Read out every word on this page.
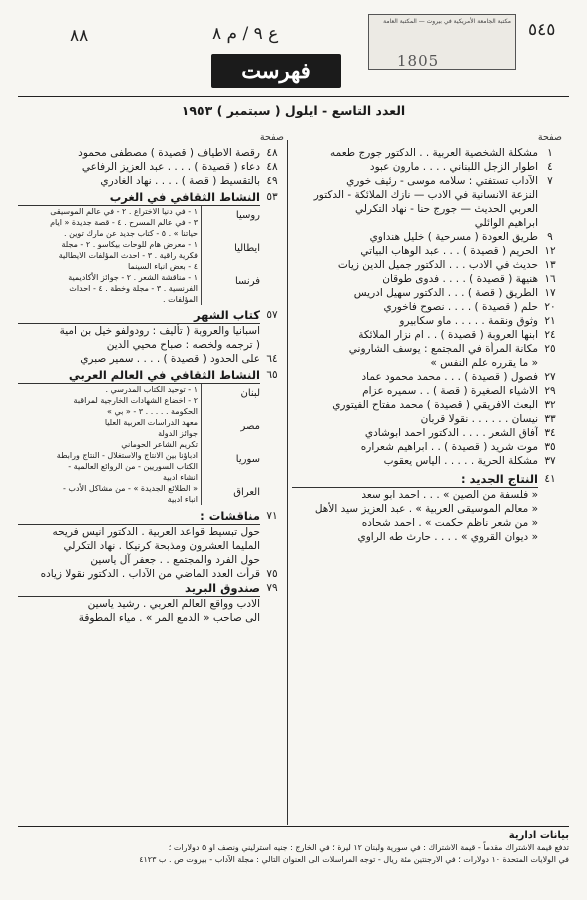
٨٨	ع ٩ / م ٨	٥٤٥
مكتبة الجامعة الأمريكية في بيروت — المكتبة العامة
1805
فهرست
العدد التاسع - ايلول ( سبتمبر ) ١٩٥٣
صفحة
١
مشكلة الشخصية العربية . . الدكتور جورج طعمه
٤
اطوار الزجل اللبناني . . . . مارون عبود
٧
الآداب تستفتي : سلامه موسى - رئيف خوري
النزعة الانسانية في الادب — نازك الملائكة - الدكتور
العربي الحديث — جورج حنا - نهاد التكرلي
ابراهيم الوائلي
٩
طريق العودة ( مسرحية ) خليل هنداوي
١٢
الحريم ( قصيدة ) . . . عبد الوهاب البياتي
١٣
حديث في الادب . . . الدكتور جميل الدين زيات
١٦
هنيهة ( قصيدة ) . . . . فدوى طوقان
١٧
الطريق ( قصة ) . . . الدكتور سهيل ادريس
٢٠
حلم ( قصيدة ) . . . . نصوح فاخوري
٢١
وثوق ونقمة . . . . . ماو سكابيرو
٢٤
ابنها العروبة ( قصيدة ) . . ام نزار الملائكة
٢٥
مكانة المرأة في المجتمع : يوسف الشاروني
« ما يقرره علم النفس »
٢٧
فصول ( قصيدة ) . . . محمد محمود عماد
٢٩
الاشياء الصغيرة ( قصة ) . . سميره عزام
٣٢
البعث الافريقي ( قصيدة ) محمد مفتاح الفيتوري
٣٣
نيسان . . . . . . نقولا قربان
٣٤
آفاق الشعر . . . . الدكتور احمد ابوشادي
٣٥
موت شريد ( قصيدة ) . . ابراهيم شعراره
٣٧
مشكلة الحرية . . . . . الياس يعقوب
٤١
النتاج الجديد :
« فلسفة من الصين » . . . احمد ابو سعد
« معالم الموسيقى العربية » . عبد العزيز سيد الأهل
« من شعر ناظم حكمت » . احمد شحاده
« ديوان القروي » . . . . حارث طه الراوي
صفحة
٤٨
رقصة الاطياف ( قصيدة ) مصطفى محمود
٤٨
دعاء ( قصيدة ) . . . . عبد العزيز الرفاعي
٤٩
بالتقسيط ( قصة ) . . . . نهاد الغادري
٥٣
النشاط الثقافي في الغرب
روسيا
١ - في دنيا الاختراع . ٢ - في عالم الموسيقى
٣ - في عالم المسرح . ٤ - قصة جديدة « ايام
حياتنا » . ٥ - كتاب جديد عن مارك توين .
ايطاليا
١ - معرض هام للوحات بيكاسو . ٢ - مجلة
فكرية راقية . ٣ - احدث المؤلفات الايطالية
٤ - بعض انباء السينما
فرنسا
١ - مناقشة الشعر . ٢ - جوائز الأكاديمية
الفرنسية . ٣ - مجلة وخطة . ٤ - احداث
المؤلفات .
٥٧
كتاب الشهر
اسبانيا والعروبة ( تأليف : رودولفو خيل بن امية
( ترجمه ولخصه : صباح محيي الدين
٦٤
على الحدود ( قصيدة ) . . . . سمير صبري
٦٥
النشاط الثقافي في العالم العربي
لبنان
١ - توحيد الكتاب المدرسي .
٢ - اخضاع الشهادات الخارجية لمراقبة
الحكومة . . . . . ٣ - « بي »
مصر
معهد الدراسات العربية العليا
جوائز الدولة
تكريم الشاعر الحوماني
سوريا
ادباؤنا بين الانتاج والاستغلال - النتاج ورابطة
الكتاب السوريين - من الروائع العالمية -
انشاء ادبية
العراق
« الطلائع الجديدة » - من مشاكل الأدب -
انباء ادبية
٧١
مناقشات :
حول تبسيط قواعد العربية . الدكتور انيس فريحه
المليما العشرون ومذبحة كرنيكا . نهاد التكرلي
حول الفرد والمجتمع . . جعفر آل ياسين
٧٥
قرأت العدد الماضي من الآداب . الدكتور نقولا زياده
٧٩
صندوق البريد
الادب وواقع العالم العربي . رشيد ياسين
الى صاحب « الدمع المر » . مياء المطوقة
بيانات ادارية
تدفع قيمة الاشتراك مقدماً - قيمة الاشتراك : في سورية ولبنان ١٢ ليرة ؛ في الخارج : جنيه استرليني ونصف او ٥ دولارات ؛
في الولايات المتحدة ١٠ دولارات ؛ في الارجنتين مئة ريال - توجه المراسلات الى العنوان التالي : مجلة الآداب - بيروت ص . ب ٤١٢٣
